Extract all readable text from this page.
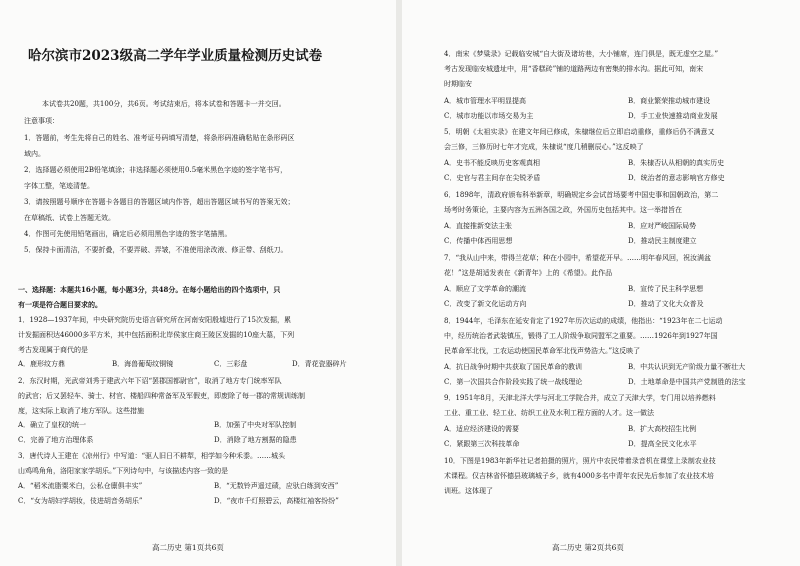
哈尔滨市2023级高二学年学业质量检测历史试卷
本试卷共20题，共100分，共6页。考试结束后，将本试卷和答题卡一并交回。
注意事项：
1．答题前，考生先将自己的姓名、准考证号码填写清楚，将条形码准确粘贴在条形码区
域内。
2．选择题必须使用2B铅笔填涂；非选择题必须使用0.5毫米黑色字迹的签字笔书写，
字体工整，笔迹清楚。
3．请按照题号顺序在答题卡各题目的答题区域内作答，超出答题区域书写的答案无效；
在草稿纸、试卷上答题无效。
4．作图可先使用铅笔画出，确定后必须用黑色字迹的签字笔描黑。
5．保持卡面清洁，不要折叠，不要弄破、弄皱，不准使用涂改液、修正带、刮纸刀。
一、选择题：本题共16小题，每小题3分，共48分。在每小题给出的四个选项中，只
有一项是符合题目要求的。
1．1928—1937年间，中央研究院历史语言研究所在河南安阳殷墟进行了15次发掘，累
计发掘面积达46000多平方米，其中包括面积北岸侯家庄商王陵区发掘的10座大墓，下列
考古发现属于商代的是
A．鹿形纹方鼎	B．海兽葡萄纹铜镜	C．三彩盘	D．青花瓷器碎片
2．东汉时期，光武帝刘秀于建武六年下诏“罢郡国都尉官”，取消了地方专门统率军队
的武官；后又罢轻车、骑士、材官、楼船四种常备军及军假吏，即废除了每一郡的常规训练制
度，这实际上取消了地方军队。这些措施
A．确立了皇权的统一	B．加强了中央对军队控制
C．完善了地方治理体系	D．消除了地方割据的隐患
3．唐代诗人王建在《凉州行》中写道：“驱人旧日不耕犁，相学如今种禾黍。……城头
山鸡鸣角角，洛阳家家学胡乐。”下列诗句中，与该描述内容一致的是
A．“稻米流脂粟米白，公私仓廪俱丰实”	B．“无数铃声遥过碛，应驮白练到安西”
C．“女为胡妇学胡妆，伎进胡音务胡乐”	D．“夜市千灯照碧云，高楼红袖客纷纷”
高二历史 第1页共6页
4．南宋《梦粱录》记载临安城“自大街及诸坊巷，大小铺席，连门俱是，既无虚空之屋。”
考古发现临安城遗址中，用“香糕砖”铺的道路两边有密集的排水沟。据此可知，南宋
时期临安
A．城市管理水平明显提高	B．商业繁荣推动城市建设
C．城市功能以市场交易为主	D．手工业快速推动商业发展
5．明朝《太祖实录》在建文年间已修成，朱棣继位后立即启动重修，重修后仍不满意又
会三修，三修历时七年才完成，朱棣说“度几稍删辰心。”这反映了
A．史书不能反映历史客观真相	B．朱棣否认从相朝的真实历史
C．史官与君主间存在尖锐矛盾	D．统治者的意志影响官方修史
6．1898年，清政府颁布科举新章，明确规定乡会试首场要考中国史事和国朝政治，第二
场考时务策论，主要内容为五洲各国之政，外国历史包括其中。这一举措旨在
A．直接推新变法主张	B．应对严峻国际局势
C．传播中体西用思想	D．推动民主制度建立
7．“我从山中来，带得兰花草；种在小园中，希望花开早。……明年春风回，祝汝满盆
花！”这是胡适发表在《新青年》上的《希望》。此作品
A．顺应了文学革命的潮流	B．宣传了民主科学思想
C．改变了新文化运动方向	D．推动了文化大众普及
8．1944年，毛泽东在延安肯定了1927年历次运动的成绩，他指出：“1923年在二七运动
中，经历统治者武装镇压，锻得了工人阶级争取同盟军之重要。……1926年到1927年国
民革命军北伐，工农运动使国民革命军北伐声势浩大。”这反映了
A．抗日战争时期中共获取了国民革命的教训	B．中共认识到无产阶级力量不断壮大
C．第一次国共合作阶段实践了统一战线理论	D．土地革命是中国共产党制胜的法宝
9．1951年8月，天津北洋大学与河北工学院合并，成立了天津大学，专门用以培养燃料
工业、重工业、轻工业、纺织工业及水利工程方面的人才。这一做法
A．适应经济建设的需要	B．扩大高校招生比例
C．紧跟第三次科技革命	D．提高全民文化水平
10．下图是1983年新华社记者拍摄的照片，照片中农民带着录音机在课堂上录制农业技
术课程。仅吉林省怀德县玻璃城子乡，就有4000多名中青年农民先后参加了农业技术培
训班。这体现了
高二历史 第2页共6页
